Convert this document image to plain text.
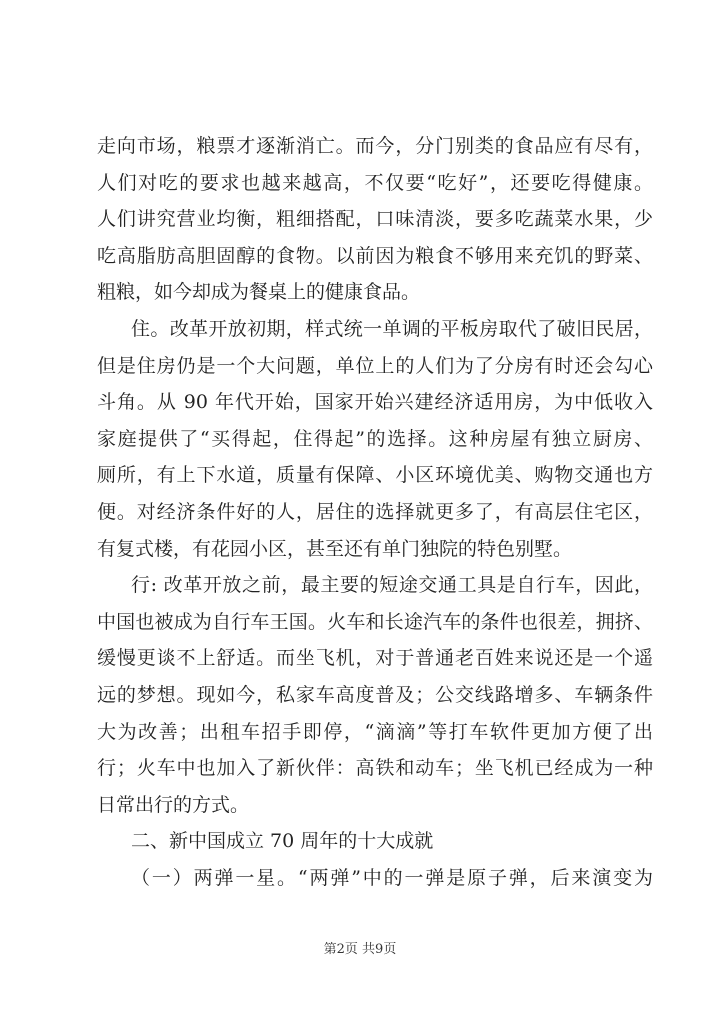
走向市场，粮票才逐渐消亡。而今，分门别类的食品应有尽有，
人们对吃的要求也越来越高，不仅要“吃好”，还要吃得健康。
人们讲究营业均衡，粗细搭配，口味清淡，要多吃蔬菜水果，少
吃高脂肪高胆固醇的食物。以前因为粮食不够用来充饥的野菜、
粗粮，如今却成为餐桌上的健康食品。
住。改革开放初期，样式统一单调的平板房取代了破旧民居，
但是住房仍是一个大问题，单位上的人们为了分房有时还会勾心
斗角。从 90 年代开始，国家开始兴建经济适用房，为中低收入
家庭提供了“买得起，住得起”的选择。这种房屋有独立厨房、
厕所，有上下水道，质量有保障、小区环境优美、购物交通也方
便。对经济条件好的人，居住的选择就更多了，有高层住宅区，
有复式楼，有花园小区，甚至还有单门独院的特色别墅。
行: 改革开放之前，最主要的短途交通工具是自行车，因此，
中国也被成为自行车王国。火车和长途汽车的条件也很差，拥挤、
缓慢更谈不上舒适。而坐飞机，对于普通老百姓来说还是一个遥
远的梦想。现如今，私家车高度普及；公交线路增多、车辆条件
大为改善；出租车招手即停，“滴滴”等打车软件更加方便了出
行；火车中也加入了新伙伴：高铁和动车；坐飞机已经成为一种
日常出行的方式。
二、新中国成立 70 周年的十大成就
（一）两弹一星。“两弹”中的一弹是原子弹，后来演变为
第2页 共9页
